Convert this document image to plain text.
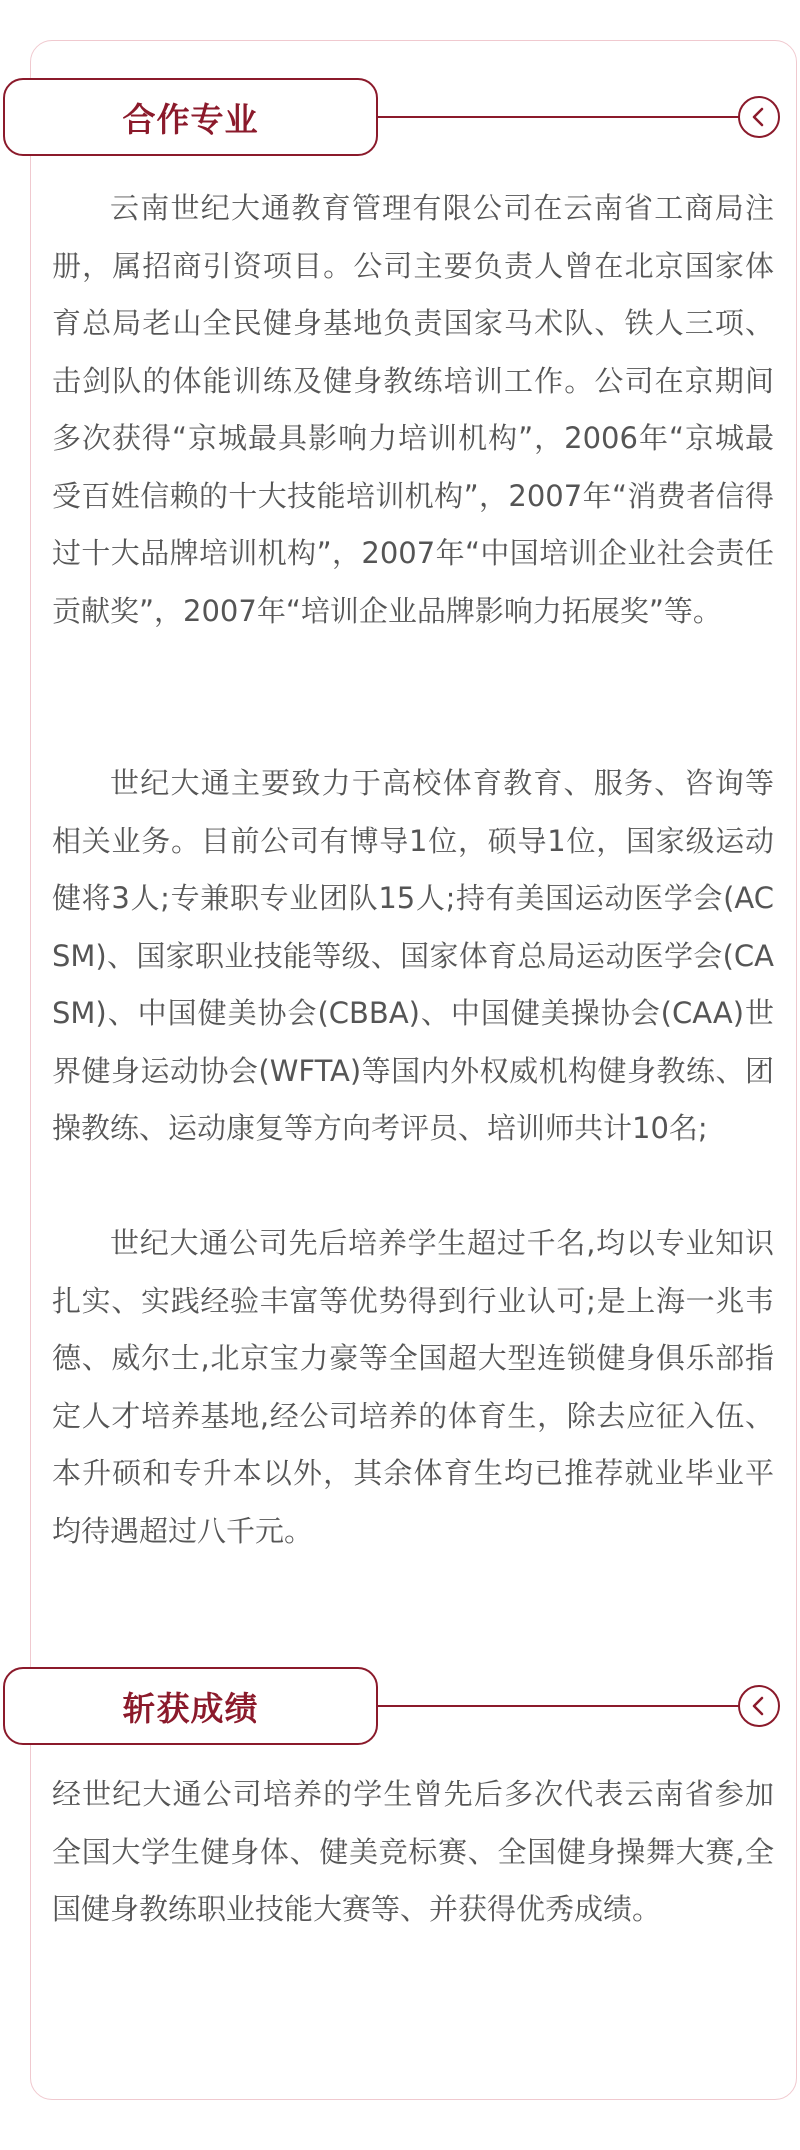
合作专业

云南世纪大通教育管理有限公司在云南省工商局注册，属招商引资项目。公司主要负责人曾在北京国家体育总局老山全民健身基地负责国家马术队、铁人三项、击剑队的体能训练及健身教练培训工作。公司在京期间多次获得“京城最具影响力培训机构”，2006年“京城最受百姓信赖的十大技能培训机构”，2007年“消费者信得过十大品牌培训机构”，2007年“中国培训企业社会责任贡献奖”，2007年“培训企业品牌影响力拓展奖”等。

世纪大通主要致力于高校体育教育、服务、咨询等相关业务。目前公司有博导1位，硕导1位，国家级运动健将3人;专兼职专业团队15人;持有美国运动医学会(ACSM)、国家职业技能等级、国家体育总局运动医学会(CASM)、中国健美协会(CBBA)、中国健美操协会(CAA)世界健身运动协会(WFTA)等国内外权威机构健身教练、团操教练、运动康复等方向考评员、培训师共计10名;

世纪大通公司先后培养学生超过千名,均以专业知识扎实、实践经验丰富等优势得到行业认可;是上海一兆韦德、威尔士,北京宝力豪等全国超大型连锁健身俱乐部指定人才培养基地,经公司培养的体育生，除去应征入伍、本升硕和专升本以外，其余体育生均已推荐就业毕业平均待遇超过八千元。

斩获成绩

经世纪大通公司培养的学生曾先后多次代表云南省参加全国大学生健身体、健美竞标赛、全国健身操舞大赛,全国健身教练职业技能大赛等、并获得优秀成绩。
